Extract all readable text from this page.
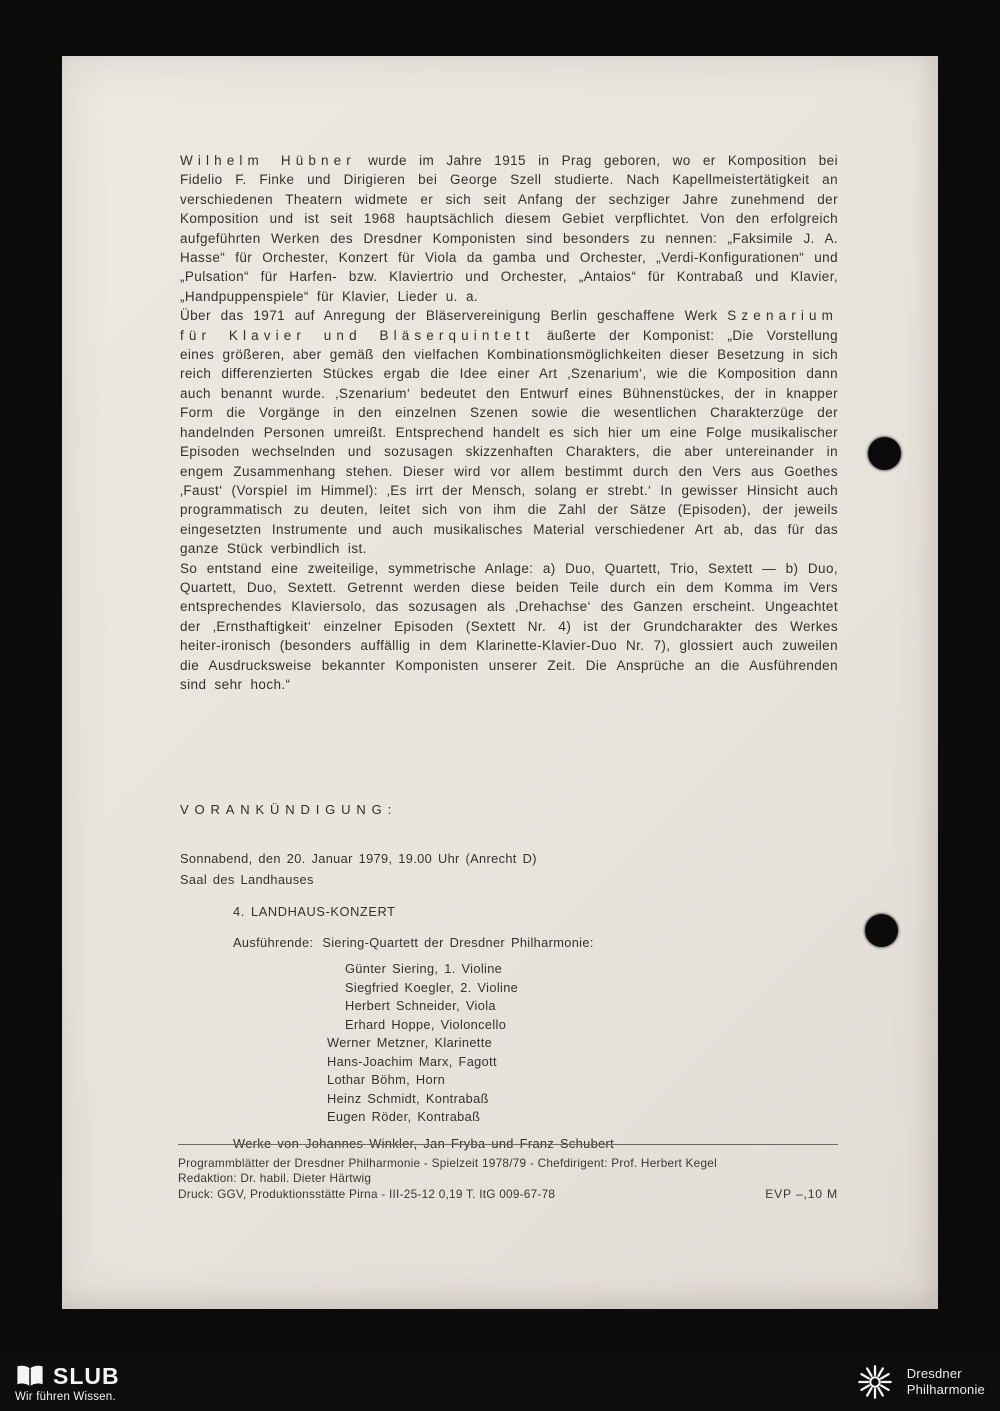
Wilhelm Hübner wurde im Jahre 1915 in Prag geboren, wo er Komposition bei Fidelio F. Finke und Dirigieren bei George Szell studierte. Nach Kapellmeistertätigkeit an verschiedenen Theatern widmete er sich seit Anfang der sechziger Jahre zunehmend der Komposition und ist seit 1968 hauptsächlich diesem Gebiet verpflichtet. Von den erfolgreich aufgeführten Werken des Dresdner Komponisten sind besonders zu nennen: „Faksimile J. A. Hasse“ für Orchester, Konzert für Viola da gamba und Orchester, „Verdi-Konfigurationen“ und „Pulsation“ für Harfen- bzw. Klaviertrio und Orchester, „Antaios“ für Kontrabaß und Klavier, „Handpuppenspiele“ für Klavier, Lieder u. a.

Über das 1971 auf Anregung der Bläservereinigung Berlin geschaffene Werk Szenarium für Klavier und Bläserquintett äußerte der Komponist: „Die Vorstellung eines größeren, aber gemäß den vielfachen Kombinationsmöglichkeiten dieser Besetzung in sich reich differenzierten Stückes ergab die Idee einer Art ‚Szenarium‘, wie die Komposition dann auch benannt wurde. ‚Szenarium‘ bedeutet den Entwurf eines Bühnenstückes, der in knapper Form die Vorgänge in den einzelnen Szenen sowie die wesentlichen Charakterzüge der handelnden Personen umreißt. Entsprechend handelt es sich hier um eine Folge musikalischer Episoden wechselnden und sozusagen skizzenhaften Charakters, die aber untereinander in engem Zusammenhang stehen. Dieser wird vor allem bestimmt durch den Vers aus Goethes ‚Faust‘ (Vorspiel im Himmel): ‚Es irrt der Mensch, solang er strebt.‘ In gewisser Hinsicht auch programmatisch zu deuten, leitet sich von ihm die Zahl der Sätze (Episoden), der jeweils eingesetzten Instrumente und auch musikalisches Material verschiedener Art ab, das für das ganze Stück verbindlich ist.

So entstand eine zweiteilige, symmetrische Anlage: a) Duo, Quartett, Trio, Sextett — b) Duo, Quartett, Duo, Sextett. Getrennt werden diese beiden Teile durch ein dem Komma im Vers entsprechendes Klaviersolo, das sozusagen als ‚Drehachse‘ des Ganzen erscheint. Ungeachtet der ‚Ernsthaftigkeit‘ einzelner Episoden (Sextett Nr. 4) ist der Grundcharakter des Werkes heiter-ironisch (besonders auffällig in dem Klarinette-Klavier-Duo Nr. 7), glossiert auch zuweilen die Ausdrucksweise bekannter Komponisten unserer Zeit. Die Ansprüche an die Ausführenden sind sehr hoch.“

VORANKÜNDIGUNG:
Sonnabend, den 20. Januar 1979, 19.00 Uhr (Anrecht D)
Saal des Landhauses
4. LANDHAUS-KONZERT
Ausführende: Siering-Quartett der Dresdner Philharmonie:
Günter Siering, 1. Violine
Siegfried Koegler, 2. Violine
Herbert Schneider, Viola
Erhard Hoppe, Violoncello
Werner Metzner, Klarinette
Hans-Joachim Marx, Fagott
Lothar Böhm, Horn
Heinz Schmidt, Kontrabaß
Eugen Röder, Kontrabaß
Werke von Johannes Winkler, Jan Fryba und Franz Schubert
Programmblätter der Dresdner Philharmonie - Spielzeit 1978/79 - Chefdirigent: Prof. Herbert Kegel
Redaktion: Dr. habil. Dieter Härtwig
Druck: GGV, Produktionsstätte Pirna - III-25-12 0,19 T. ItG 009-67-78	EVP –,10 M
SLUB
Wir führen Wissen.
Dresdner
Philharmonie
